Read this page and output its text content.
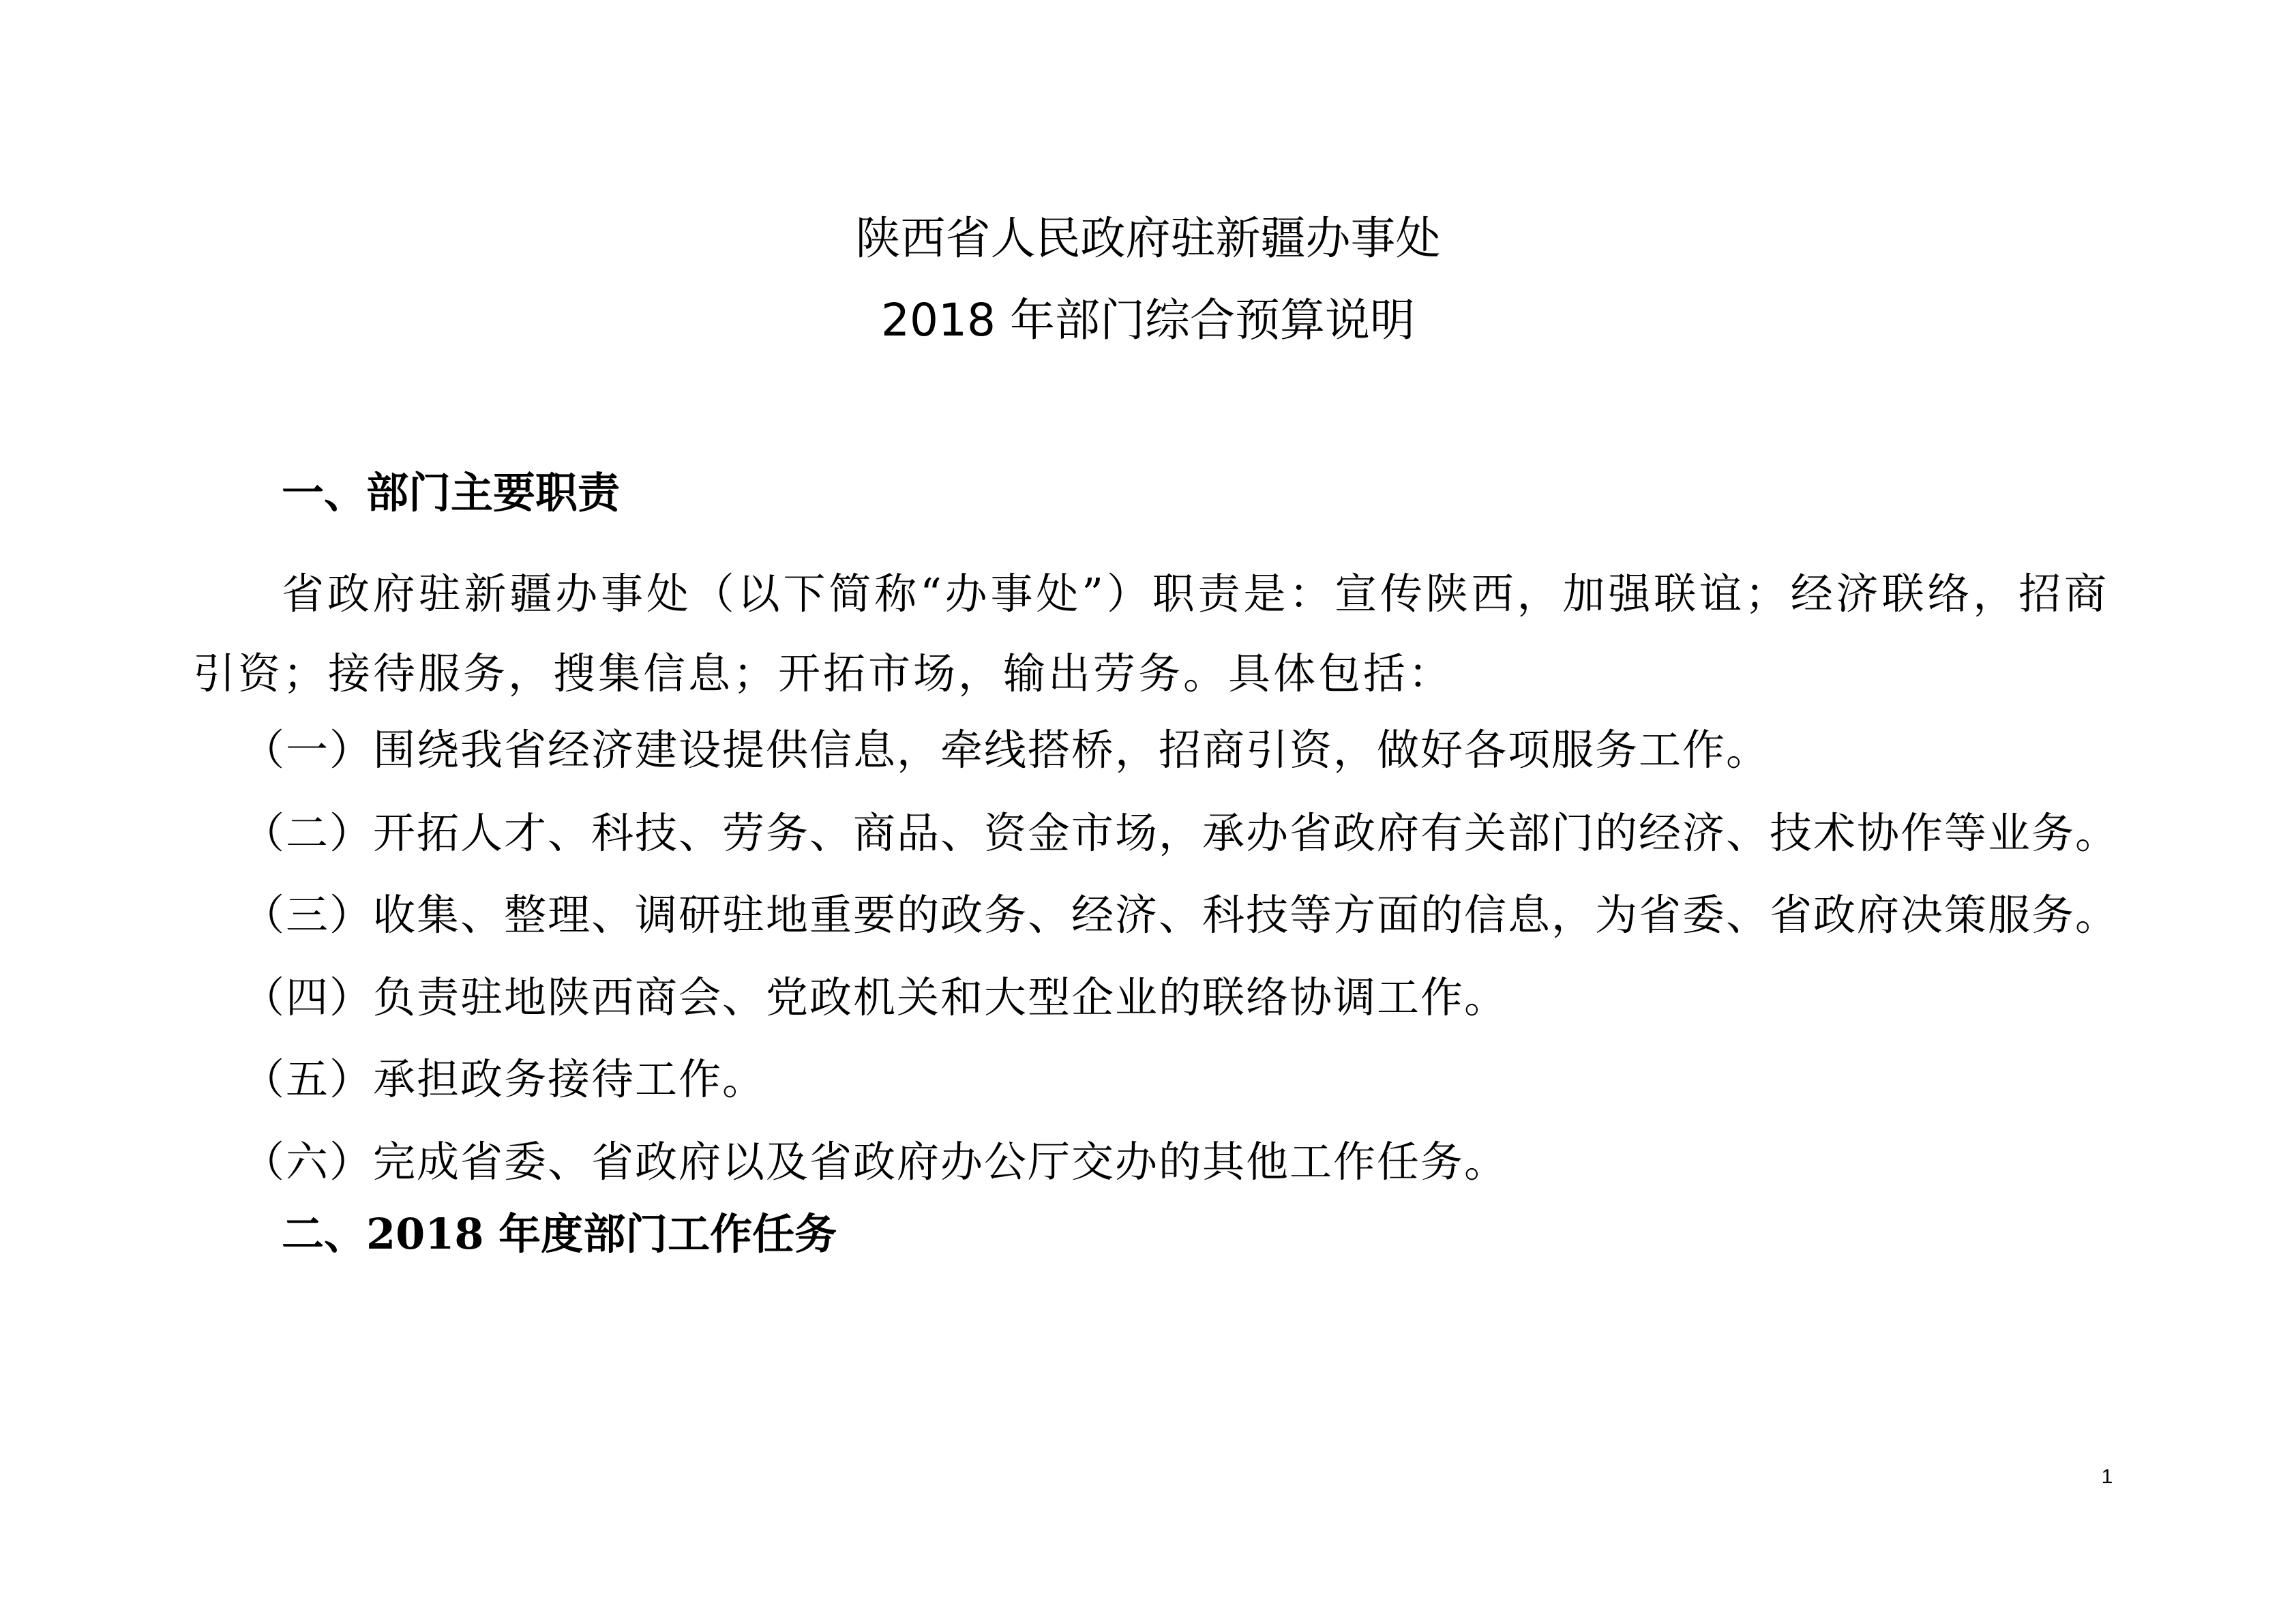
陕西省人民政府驻新疆办事处
2018 年部门综合预算说明
一、部门主要职责
省政府驻新疆办事处（以下简称“办事处”）职责是：宣传陕西，加强联谊；经济联络，招商引资；接待服务，搜集信息；开拓市场，输出劳务。具体包括：
（一）围绕我省经济建设提供信息，牵线搭桥，招商引资，做好各项服务工作。
（二）开拓人才、科技、劳务、商品、资金市场，承办省政府有关部门的经济、技术协作等业务。
（三）收集、整理、调研驻地重要的政务、经济、科技等方面的信息，为省委、省政府决策服务。
（四）负责驻地陕西商会、党政机关和大型企业的联络协调工作。
（五）承担政务接待工作。
（六）完成省委、省政府以及省政府办公厅交办的其他工作任务。
二、2018 年度部门工作任务
1
